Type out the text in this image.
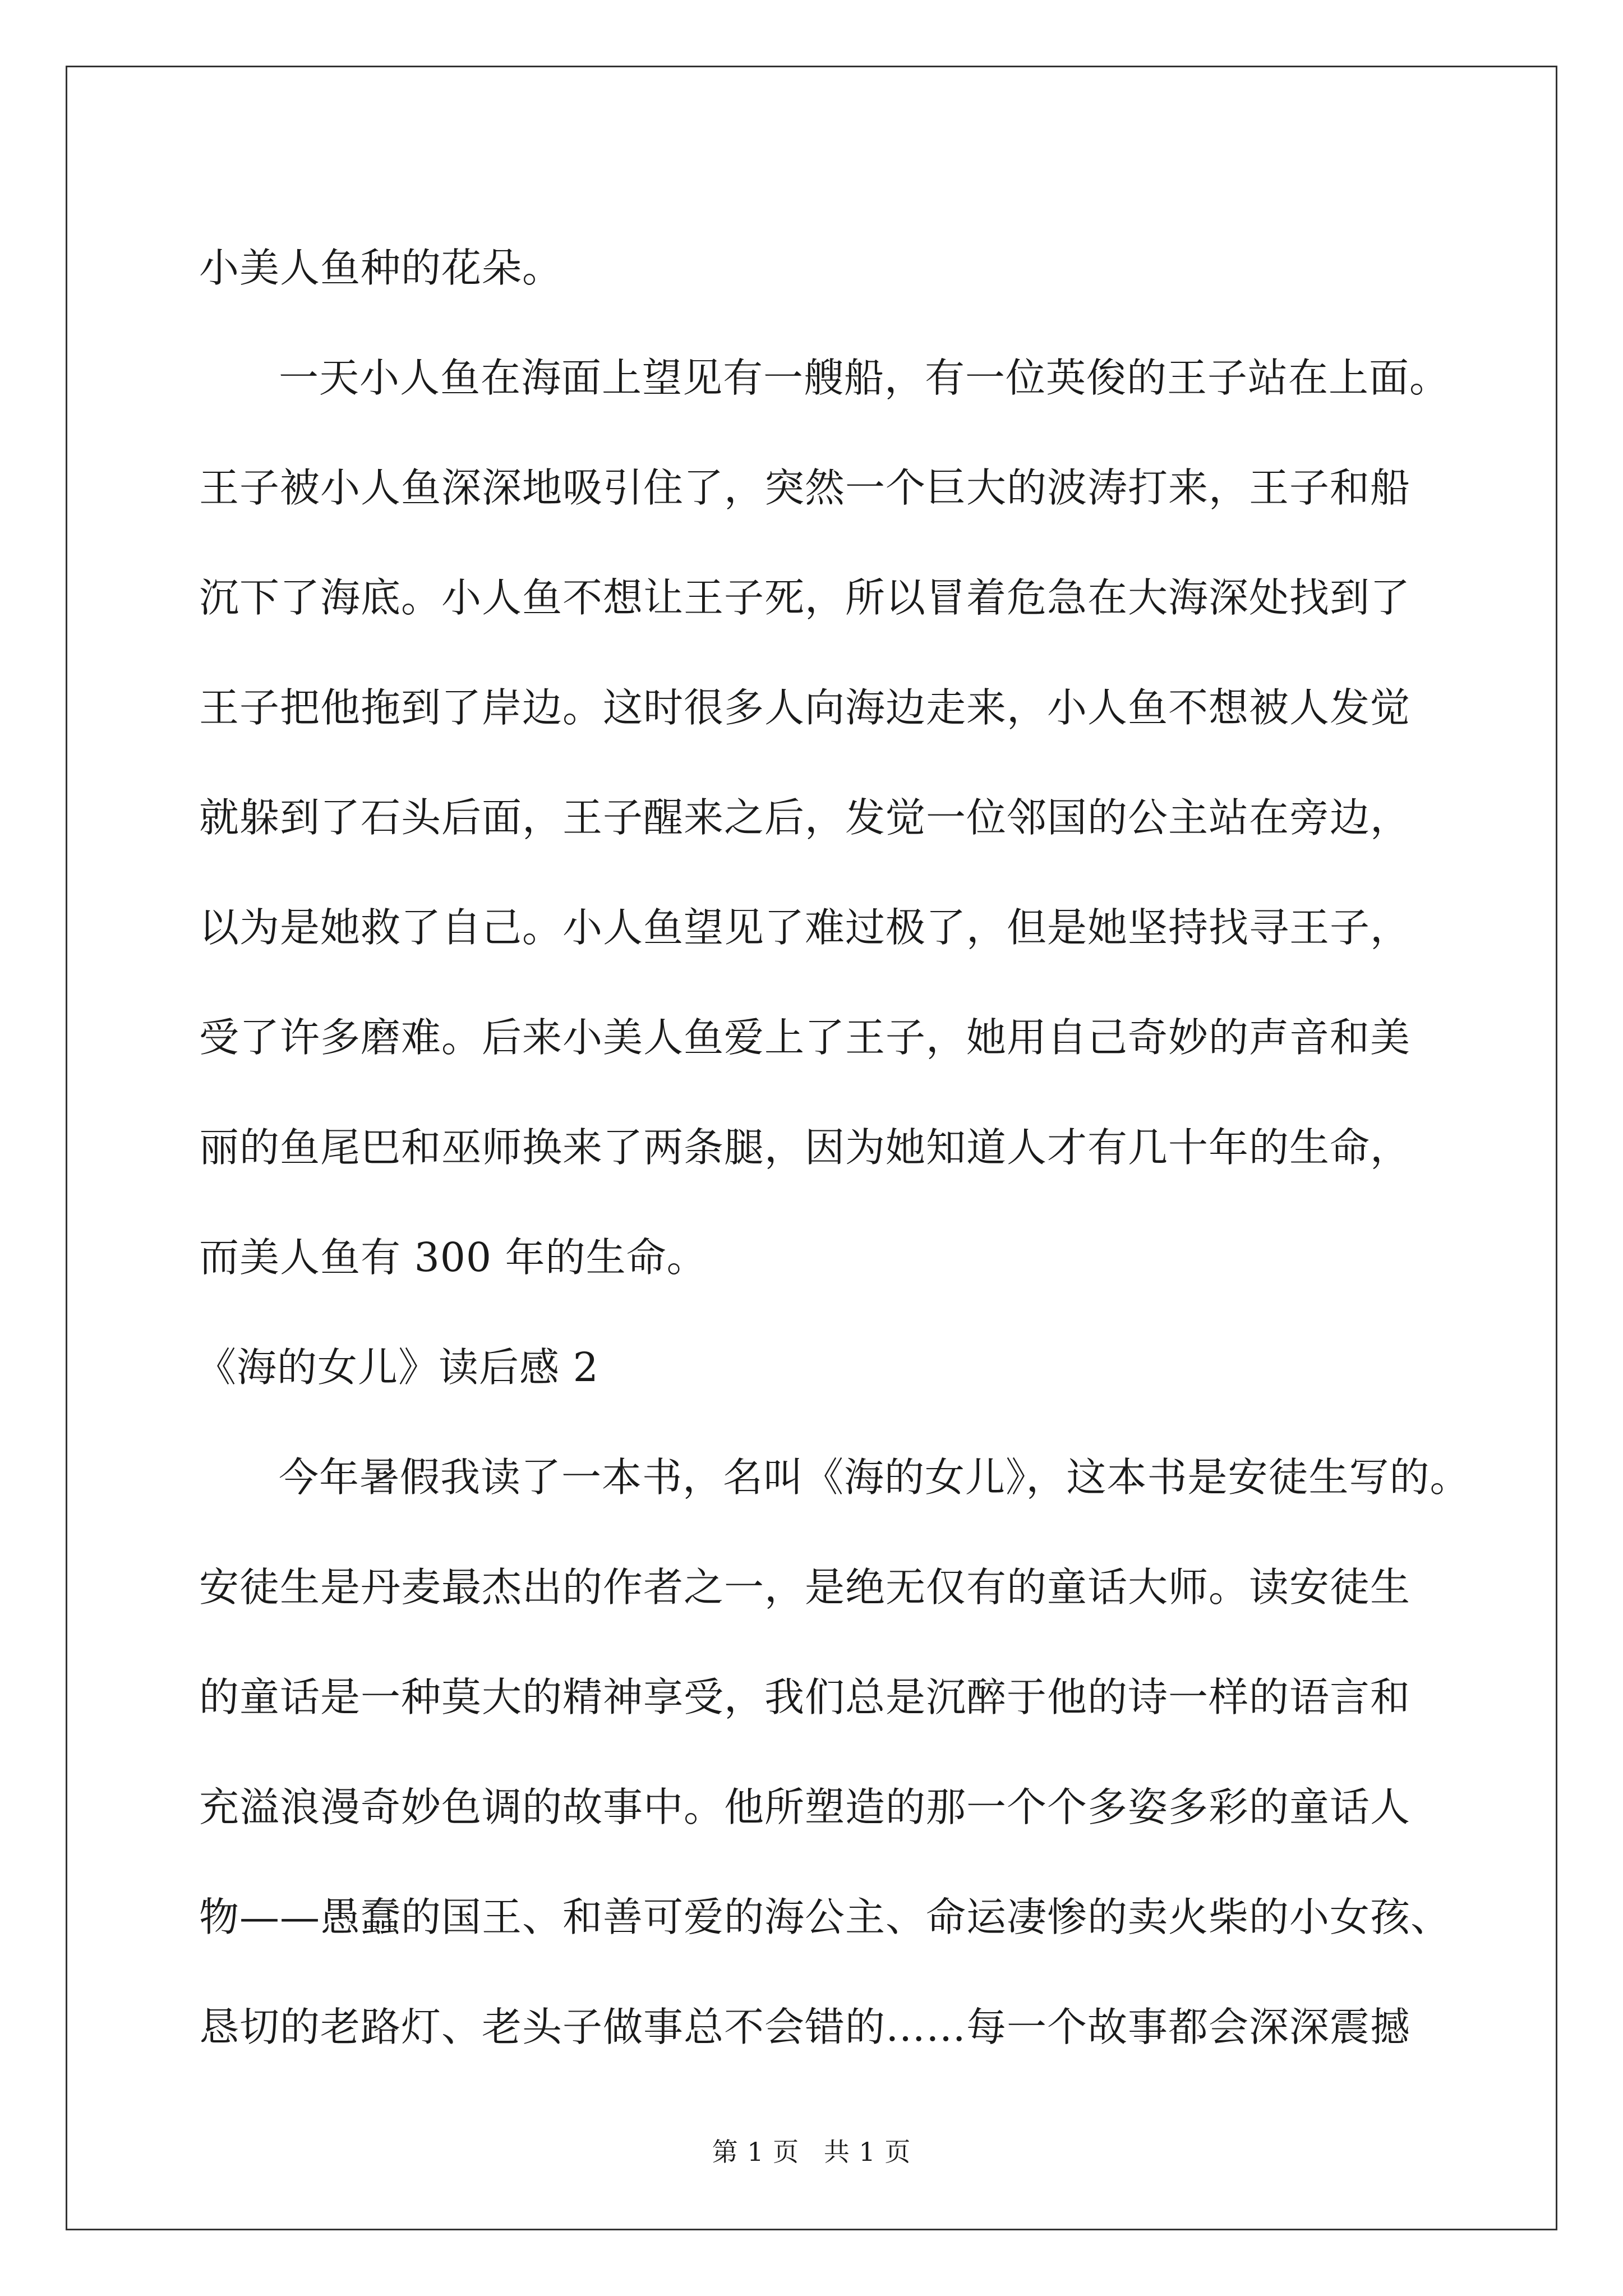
小美人鱼种的花朵。
一天小人鱼在海面上望见有一艘船，有一位英俊的王子站在上面。
王子被小人鱼深深地吸引住了，突然一个巨大的波涛打来，王子和船
沉下了海底。小人鱼不想让王子死，所以冒着危急在大海深处找到了
王子把他拖到了岸边。这时很多人向海边走来，小人鱼不想被人发觉
就躲到了石头后面，王子醒来之后，发觉一位邻国的公主站在旁边，
以为是她救了自己。小人鱼望见了难过极了，但是她坚持找寻王子，
受了许多磨难。后来小美人鱼爱上了王子，她用自己奇妙的声音和美
丽的鱼尾巴和巫师换来了两条腿，因为她知道人才有几十年的生命，
而美人鱼有 300 年的生命。
《海的女儿》读后感 2
今年暑假我读了一本书，名叫《海的女儿》，这本书是安徒生写的。
安徒生是丹麦最杰出的作者之一，是绝无仅有的童话大师。读安徒生
的童话是一种莫大的精神享受，我们总是沉醉于他的诗一样的语言和
充溢浪漫奇妙色调的故事中。他所塑造的那一个个多姿多彩的童话人
物——愚蠢的国王、和善可爱的海公主、命运凄惨的卖火柴的小女孩、
恳切的老路灯、老头子做事总不会错的……每一个故事都会深深震撼
第 1 页 共 1 页
